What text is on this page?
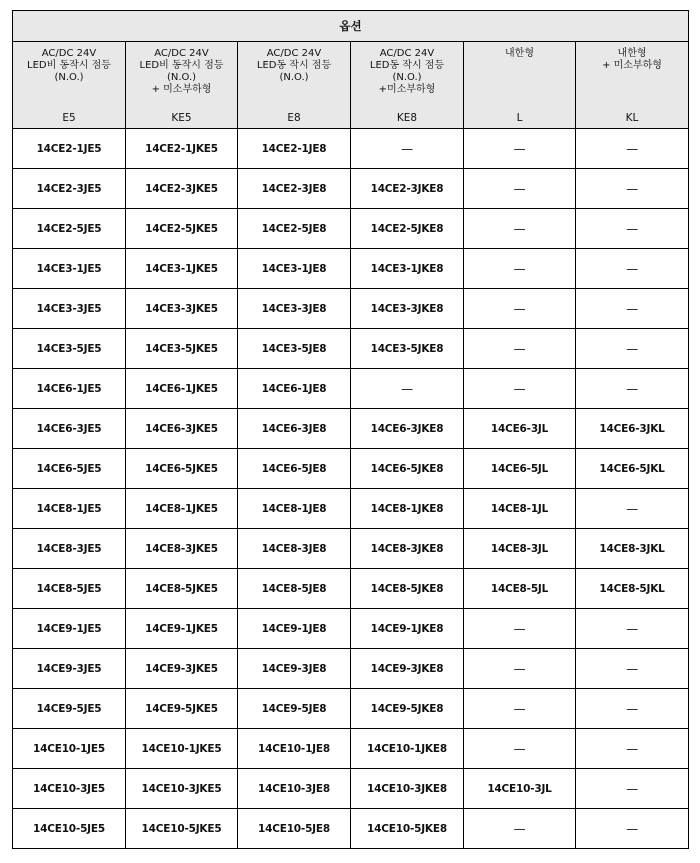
옵션					

AC/DC 24V
LED비 동작시 점등
(N.O.)
E5	AC/DC 24V
LED비 동작시 점등
(N.O.)
+ 미소부하형
KE5	AC/DC 24V
LED동 작시 점등
(N.O.)
E8	AC/DC 24V
LED동 작시 점등
(N.O.)
+미소부하형
KE8	내한형
L	내한형
+ 미소부하형
KL

14CE2-1JE5	14CE2-1JKE5	14CE2-1JE8	—	—	—
14CE2-3JE5	14CE2-3JKE5	14CE2-3JE8	14CE2-3JKE8	—	—
14CE2-5JE5	14CE2-5JKE5	14CE2-5JE8	14CE2-5JKE8	—	—
14CE3-1JE5	14CE3-1JKE5	14CE3-1JE8	14CE3-1JKE8	—	—
14CE3-3JE5	14CE3-3JKE5	14CE3-3JE8	14CE3-3JKE8	—	—
14CE3-5JE5	14CE3-5JKE5	14CE3-5JE8	14CE3-5JKE8	—	—
14CE6-1JE5	14CE6-1JKE5	14CE6-1JE8	—	—	—
14CE6-3JE5	14CE6-3JKE5	14CE6-3JE8	14CE6-3JKE8	14CE6-3JL	14CE6-3JKL
14CE6-5JE5	14CE6-5JKE5	14CE6-5JE8	14CE6-5JKE8	14CE6-5JL	14CE6-5JKL
14CE8-1JE5	14CE8-1JKE5	14CE8-1JE8	14CE8-1JKE8	14CE8-1JL	—
14CE8-3JE5	14CE8-3JKE5	14CE8-3JE8	14CE8-3JKE8	14CE8-3JL	14CE8-3JKL
14CE8-5JE5	14CE8-5JKE5	14CE8-5JE8	14CE8-5JKE8	14CE8-5JL	14CE8-5JKL
14CE9-1JE5	14CE9-1JKE5	14CE9-1JE8	14CE9-1JKE8	—	—
14CE9-3JE5	14CE9-3JKE5	14CE9-3JE8	14CE9-3JKE8	—	—
14CE9-5JE5	14CE9-5JKE5	14CE9-5JE8	14CE9-5JKE8	—	—
14CE10-1JE5	14CE10-1JKE5	14CE10-1JE8	14CE10-1JKE8	—	—
14CE10-3JE5	14CE10-3JKE5	14CE10-3JE8	14CE10-3JKE8	14CE10-3JL	—
14CE10-5JE5	14CE10-5JKE5	14CE10-5JE8	14CE10-5JKE8	—	—
